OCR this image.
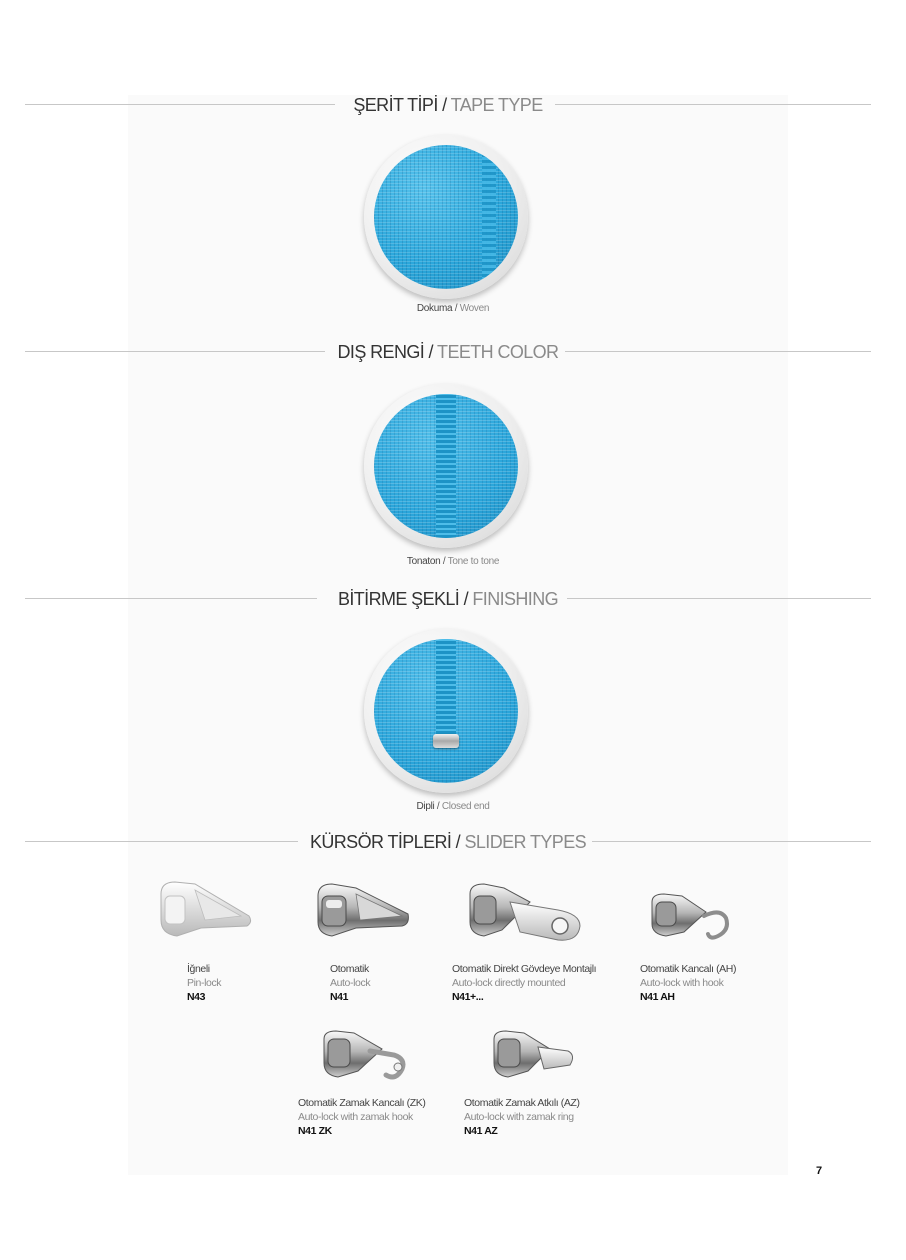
ŞERİT TİPİ / TAPE TYPE
Dokuma / Woven
DIŞ RENGİ / TEETH COLOR
Tonaton / Tone to tone
BİTİRME ŞEKLİ / FINISHING
Dipli / Closed end
KÜRSÖR TİPLERİ / SLIDER TYPES
İğneli
Pin-lock
N43
Otomatik
Auto-lock
N41
Otomatik Direkt Gövdeye Montajlı
Auto-lock directly mounted
N41+...
Otomatik Kancalı (AH)
Auto-lock with hook
N41 AH
Otomatik Zamak Kancalı (ZK)
Auto-lock with zamak hook
N41 ZK
Otomatik Zamak Atkılı (AZ)
Auto-lock with zamak ring
N41 AZ
7
